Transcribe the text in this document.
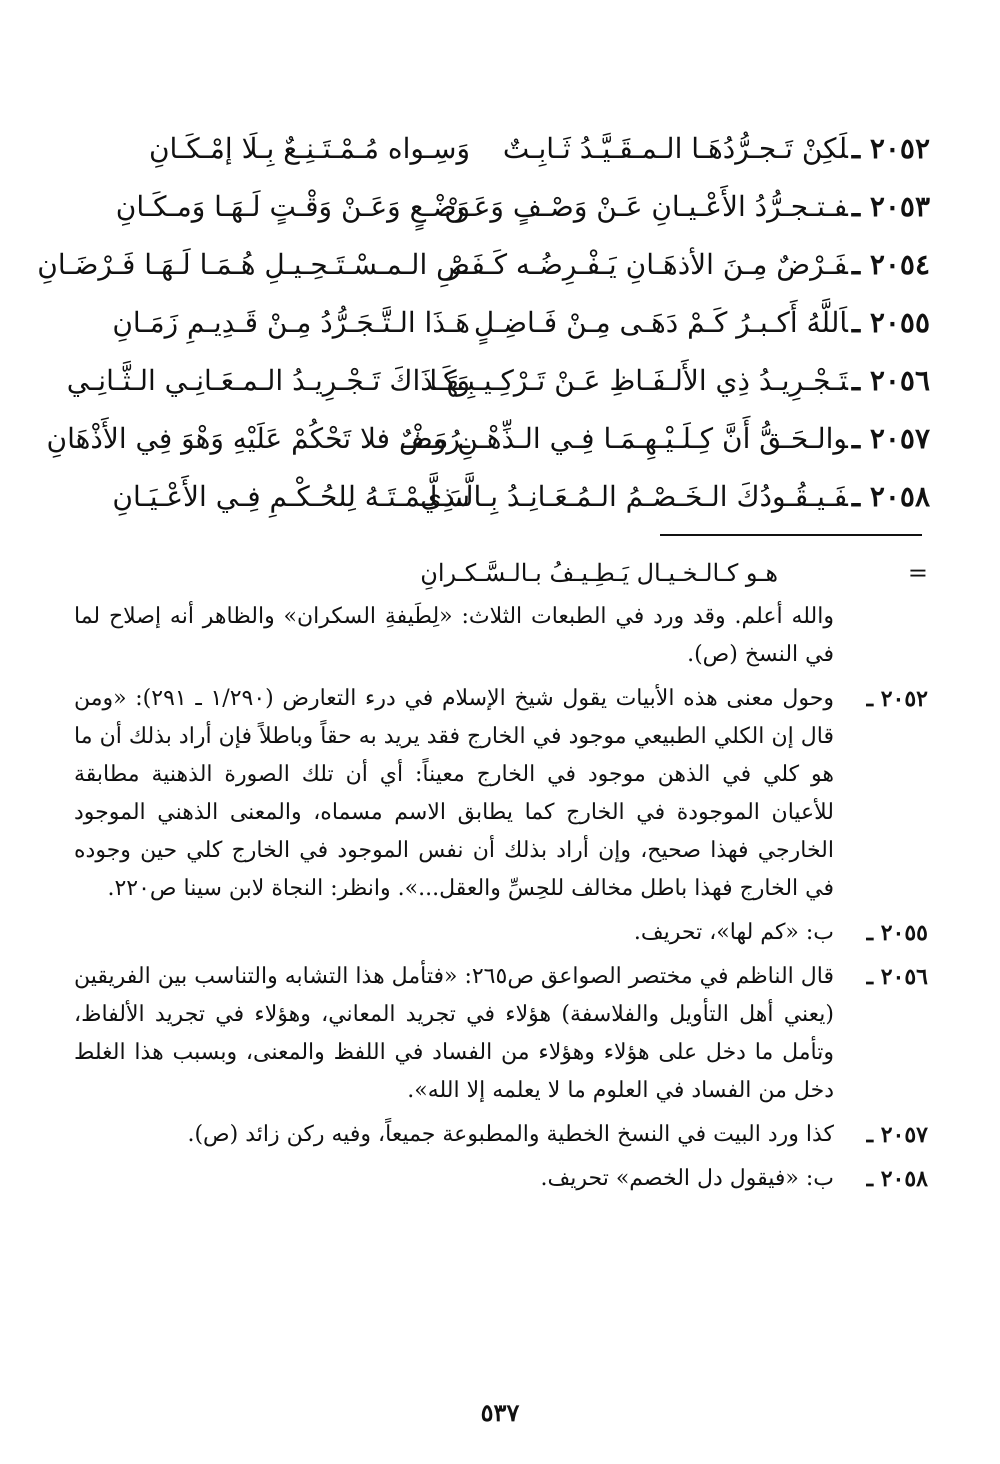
٢٠٥٢ ـلَكِنْ تَـجـرُّدُهَـا الـمـقَـيَّـدُ ثَـابِـتٌ
وَسِـواه مُـمْـتَـنِـعٌ بِـلَا إمْـكَـانِ
٢٠٥٣ ـفـتـجـرُّدُ الأَعْـيـانِ عَـنْ وَصْـفٍ وَعَـنْ
وَضْـعٍ وَعَـنْ وَقْـتٍ لَـهَـا وَمـكَـانِ
٢٠٥٤ ـفَـرْضٌ مِـنَ الأذهَـانِ يَـفْـرِضُـه كَـفَـرْ
ضِ الـمـسْـتَـحِـيـلِ هُـمَـا لَـهَـا فَـرْضَـانِ
٢٠٥٥ ـاَللَّهُ أَكـبـرُ كَـمْ دَهَـى مِـنْ فَـاضِـلٍ
هَـذَا الـتَّـجَـرُّدُ مِـنْ قَـدِيـمِ زَمَـانِ
٢٠٥٦ ـتَـجْـرِيـدُ ذِي الأَلـفَـاظِ عَـنْ تَـرْكِـيـبِـهَـا
وَكَـذَاكَ تَـجْـرِيـدُ الـمـعَـانِـي الـثَّـانِـي
٢٠٥٧ ـوالـحَـقُّ أَنَّ كِـلَـيْـهِـمَـا فِـي الـذِّهْـنِ مَـفْـ
ـرُوضٌ فلا تَحْكُمْ عَلَيْهِ وَهْوَ فِي الأَذْهَانِ
٢٠٥٨ ـفَـيـقُـودُكَ الـخَـصْـمُ الـمُـعَـانِـدُ بِـالَّـذِي
سَـلَّـمْـتَـهُ لِلحُـكْـمِ فِـي الأَعْـيَـانِ
=
هـو كـالـخـيـال يَـطِـيـفُ بـالـسَّـكـرانِ
والله أعلم. وقد ورد في الطبعات الثلاث: «لِطَيفةِ السكران» والظاهر أنه إصلاح لما في النسخ (ص).
٢٠٥٢ ـ
وحول معنى هذه الأبيات يقول شيخ الإسلام في درء التعارض (١/٢٩٠ ـ ٢٩١): «ومن قال إن الكلي الطبيعي موجود في الخارج فقد يريد به حقاً وباطلاً فإن أراد بذلك أن ما هو كلي في الذهن موجود في الخارج معيناً: أي أن تلك الصورة الذهنية مطابقة للأعيان الموجودة في الخارج كما يطابق الاسم مسماه، والمعنى الذهني الموجود الخارجي فهذا صحيح، وإن أراد بذلك أن نفس الموجود في الخارج كلي حين وجوده في الخارج فهذا باطل مخالف للحِسِّ والعقل...». وانظر: النجاة لابن سينا ص٢٢٠.
٢٠٥٥ ـ
ب: «كم لها»، تحريف.
٢٠٥٦ ـ
قال الناظم في مختصر الصواعق ص٢٦٥: «فتأمل هذا التشابه والتناسب بين الفريقين (يعني أهل التأويل والفلاسفة) هؤلاء في تجريد المعاني، وهؤلاء في تجريد الألفاظ، وتأمل ما دخل على هؤلاء وهؤلاء من الفساد في اللفظ والمعنى، وبسبب هذا الغلط دخل من الفساد في العلوم ما لا يعلمه إلا الله».
٢٠٥٧ ـ
كذا ورد البيت في النسخ الخطية والمطبوعة جميعاً، وفيه ركن زائد (ص).
٢٠٥٨ ـ
ب: «فيقول دل الخصم» تحريف.
٥٣٧
